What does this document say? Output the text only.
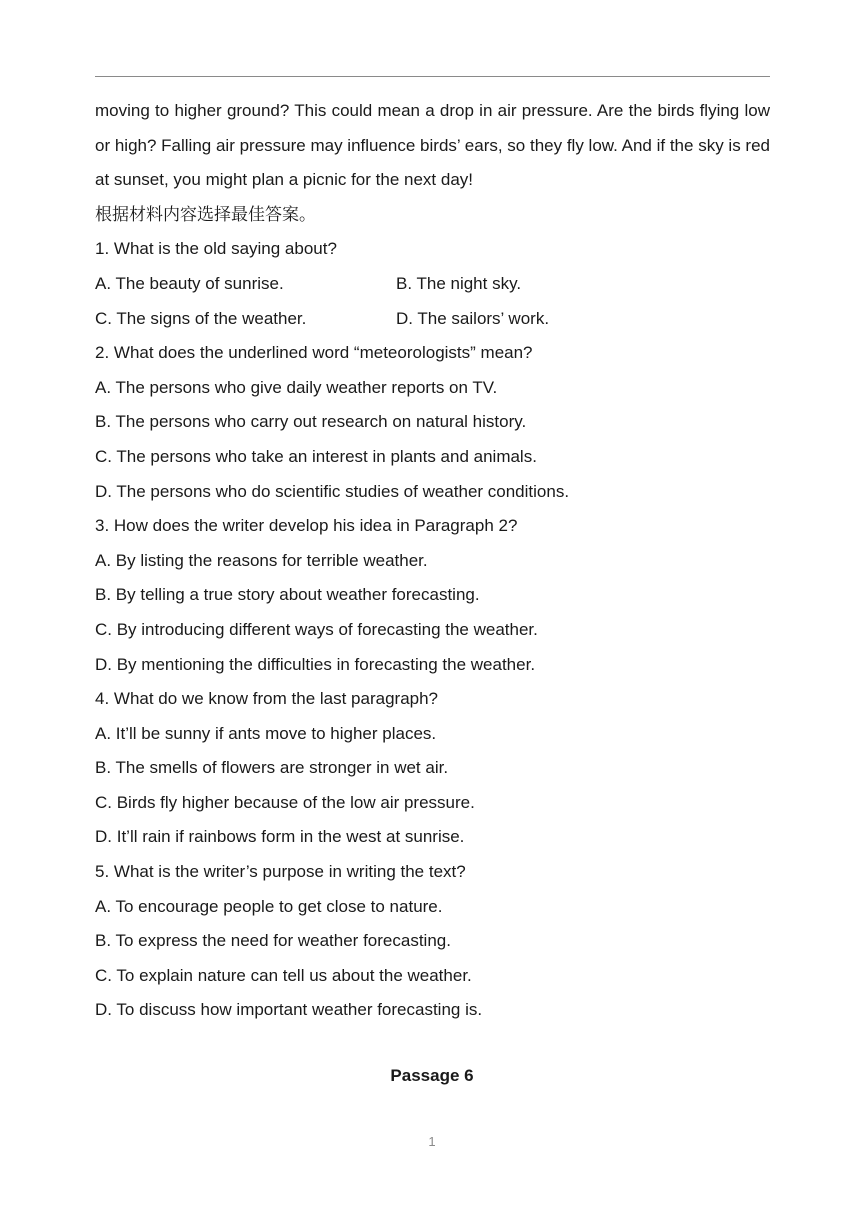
moving to higher ground? This could mean a drop in air pressure. Are the birds flying low or high? Falling air pressure may influence birds’ ears, so they fly low. And if the sky is red at sunset, you might plan a picnic for the next day!

根据材料内容选择最佳答案。

1. What is the old saying about?

A. The beauty of sunrise.	B. The night sky.
C. The signs of the weather.	D. The sailors’ work.

2. What does the underlined word “meteorologists” mean?

A. The persons who give daily weather reports on TV.

B. The persons who carry out research on natural history.

C. The persons who take an interest in plants and animals.

D. The persons who do scientific studies of weather conditions.

3. How does the writer develop his idea in Paragraph 2?

A. By listing the reasons for terrible weather.

B. By telling a true story about weather forecasting.

C. By introducing different ways of forecasting the weather.

D. By mentioning the difficulties in forecasting the weather.

4. What do we know from the last paragraph?

A. It’ll be sunny if ants move to higher places.

B. The smells of flowers are stronger in wet air.

C. Birds fly higher because of the low air pressure.

D. It’ll rain if rainbows form in the west at sunrise.

5. What is the writer’s purpose in writing the text?

A. To encourage people to get close to nature.

B. To express the need for weather forecasting.

C. To explain nature can tell us about the weather.

D. To discuss how important weather forecasting is.

Passage 6
1
